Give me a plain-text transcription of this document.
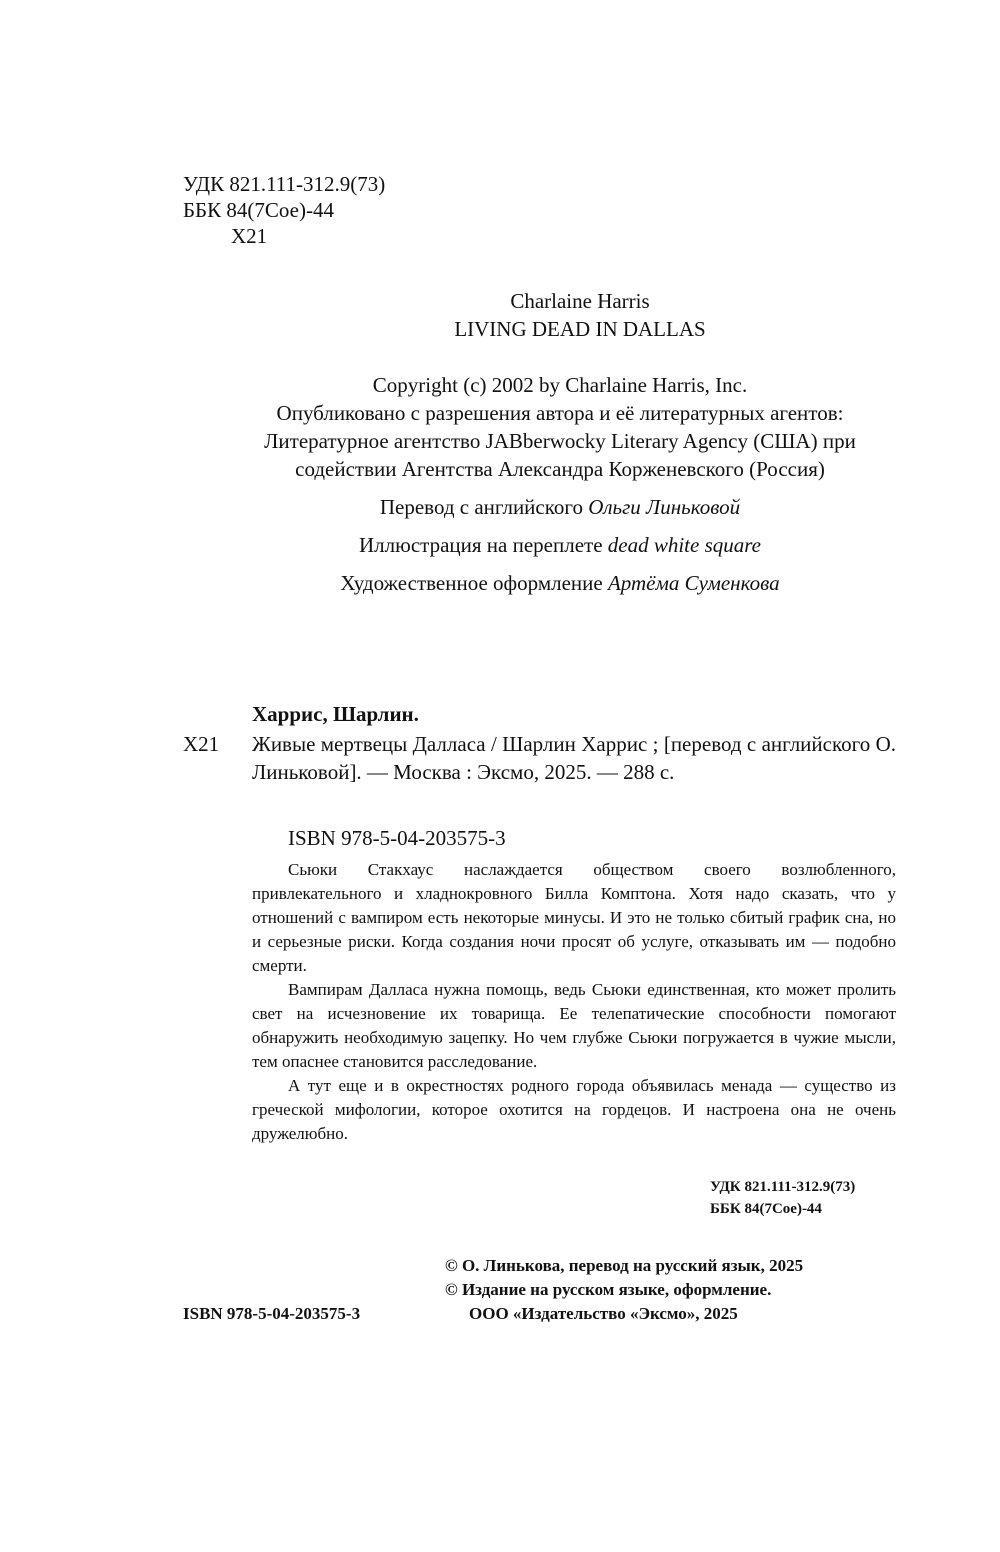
УДК 821.111-312.9(73)
ББК 84(7Сое)-44
Х21
Charlaine Harris
LIVING DEAD IN DALLAS
Copyright (c) 2002 by Charlaine Harris, Inc.
Опубликовано с разрешения автора и её литературных агентов:
Литературное агентство JABberwocky Literary Agency (США) при
содействии Агентства Александра Корженевского (Россия)
Перевод с английского Ольги Линьковой
Иллюстрация на переплете dead white square
Художественное оформление Артёма Суменкова
Харрис, Шарлин.
Х21 Живые мертвецы Далласа / Шарлин Харрис ; [перевод с английского О. Линьковой]. — Москва : Эксмо, 2025. — 288 с.
ISBN 978-5-04-203575-3

Сьюки Стакхаус наслаждается обществом своего возлюбленного, привлекательного и хладнокровного Билла Комптона. Хотя надо сказать, что у отношений с вампиром есть некоторые минусы. И это не только сбитый график сна, но и серьезные риски. Когда создания ночи просят об услуге, отказывать им — подобно смерти.

Вампирам Далласа нужна помощь, ведь Сьюки единственная, кто может пролить свет на исчезновение их товарища. Ее телепатические способности помогают обнаружить необходимую зацепку. Но чем глубже Сьюки погружается в чужие мысли, тем опаснее становится расследование.

А тут еще и в окрестностях родного города объявилась менада — существо из греческой мифологии, которое охотится на гордецов. И настроена она не очень дружелюбно.

УДК 821.111-312.9(73)
ББК 84(7Сое)-44
© О. Линькова, перевод на русский язык, 2025
© Издание на русском языке, оформление.
ООО «Издательство «Эксмо», 2025
ISBN 978-5-04-203575-3
